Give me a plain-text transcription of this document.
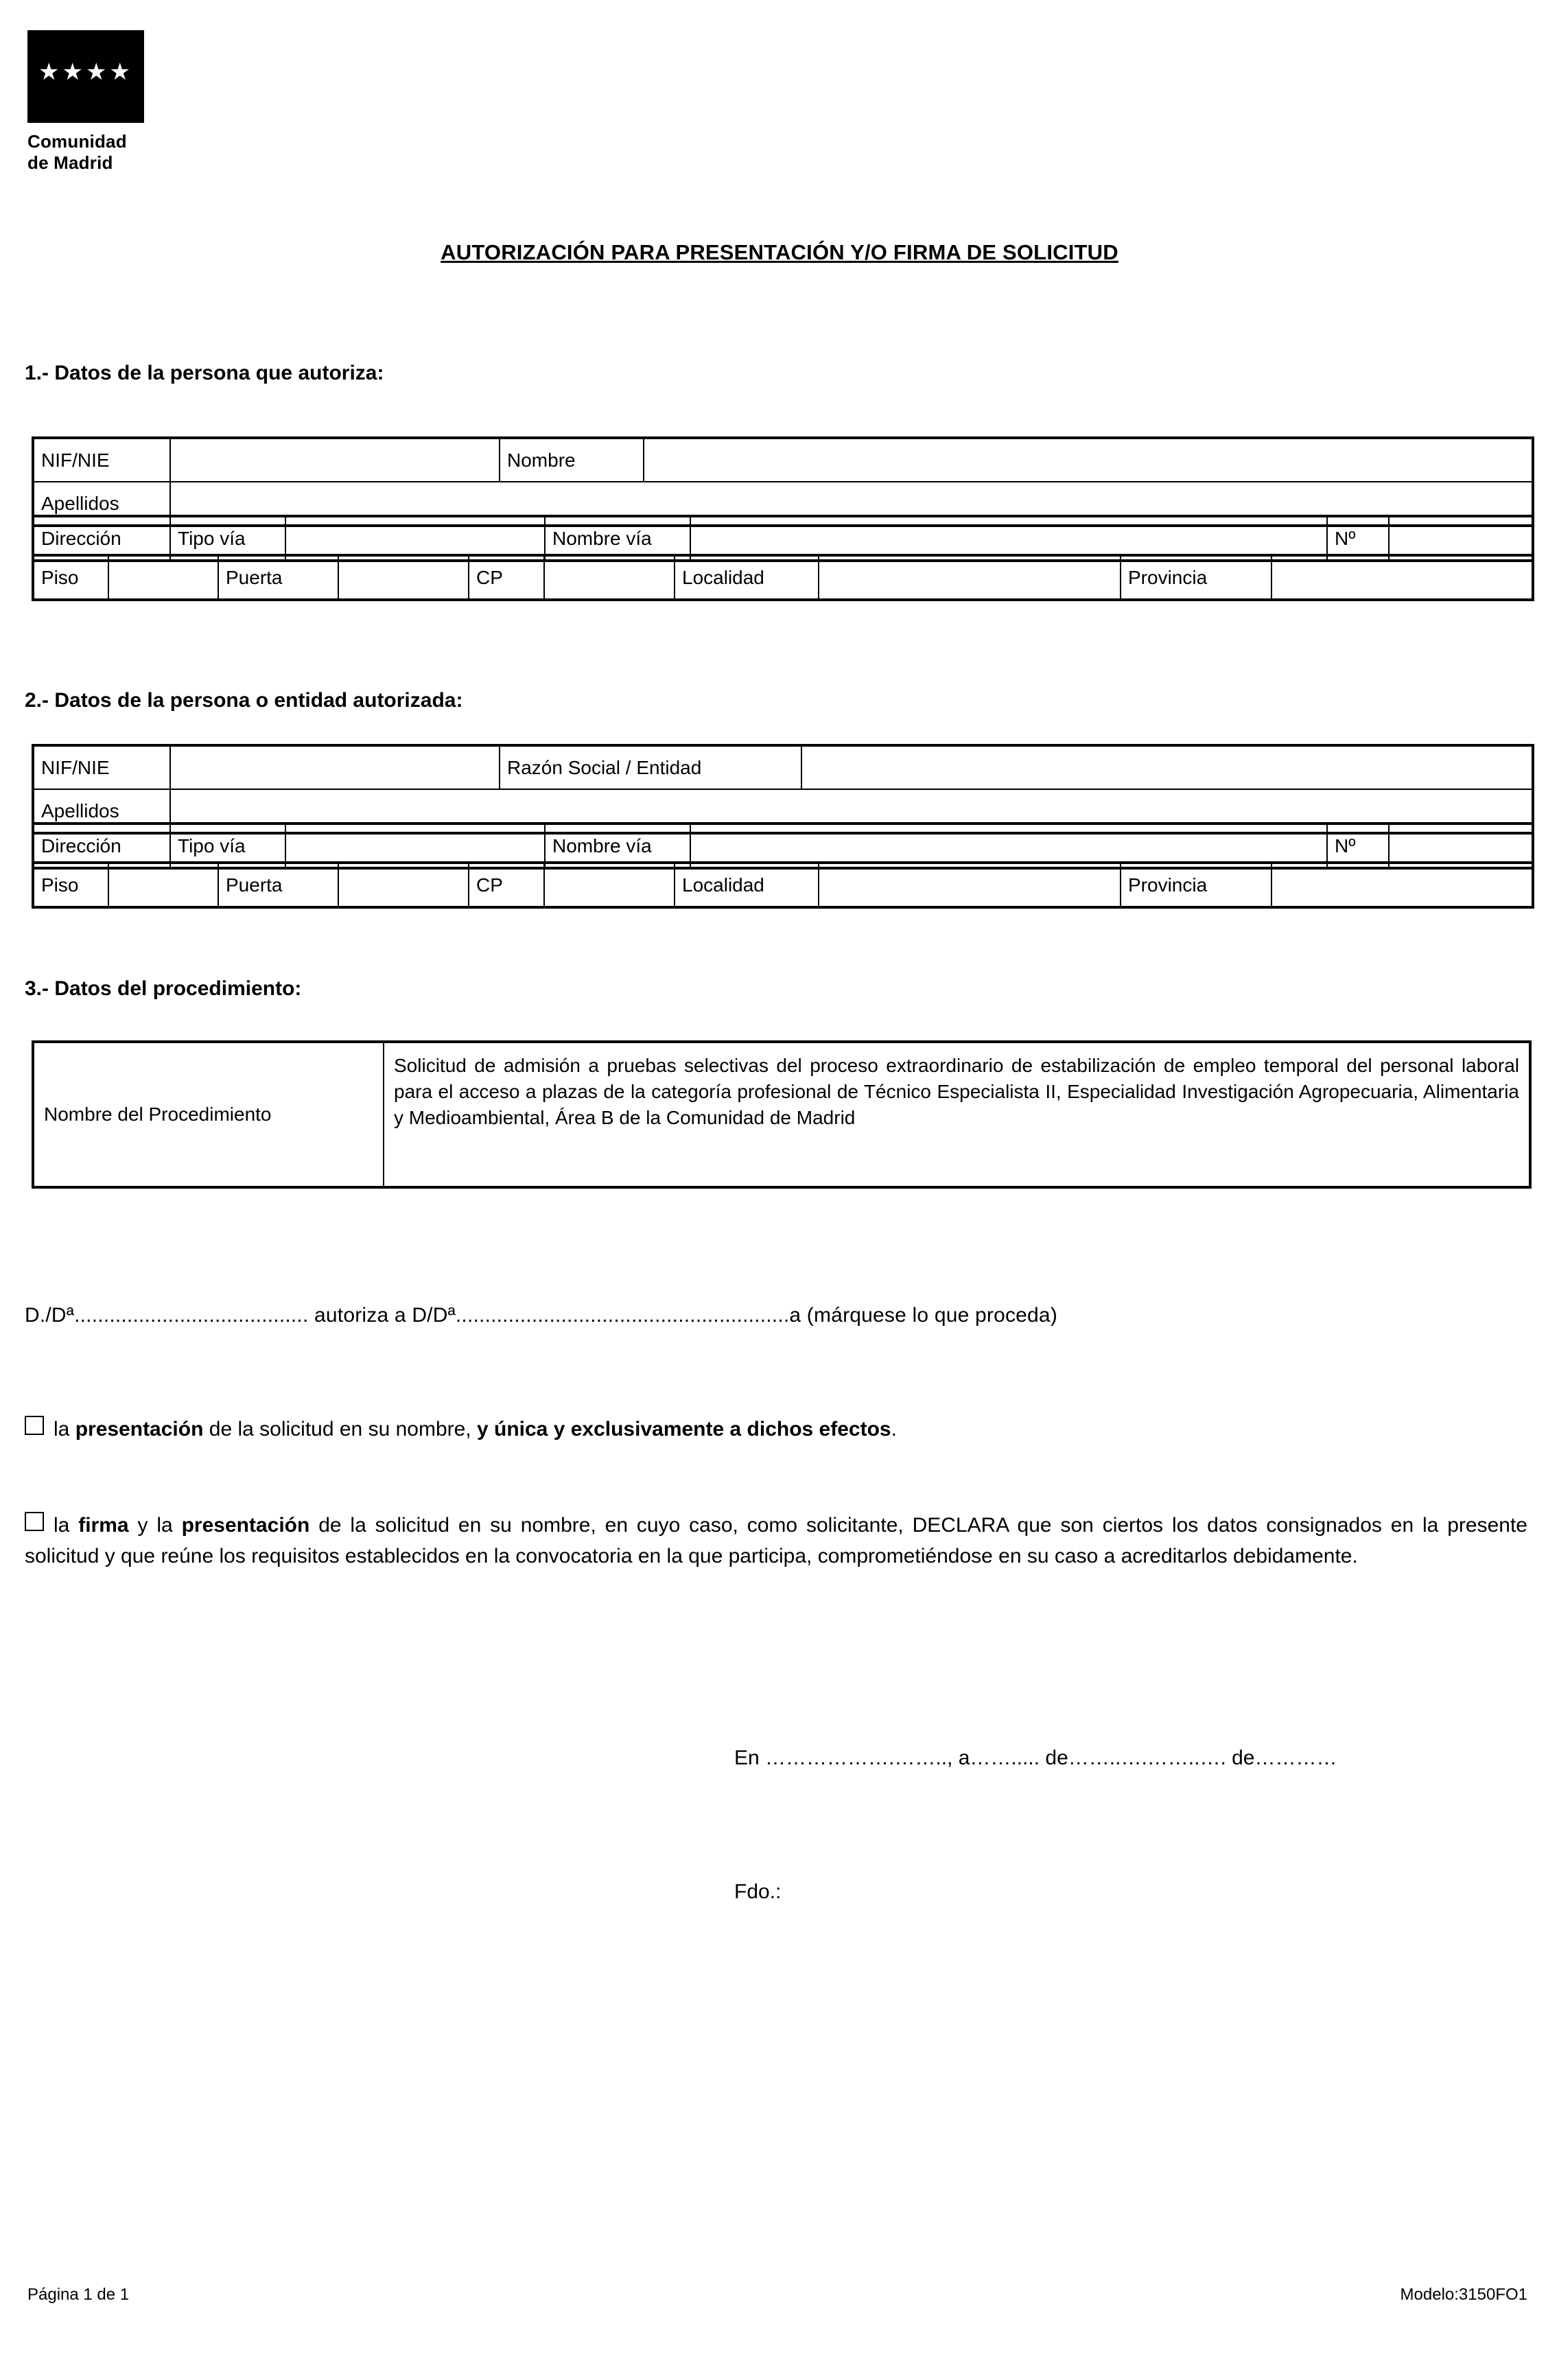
★★★★
Comunidad
de Madrid
AUTORIZACIÓN PARA PRESENTACIÓN Y/O FIRMA DE SOLICITUD
1.- Datos de la persona que autoriza:
NIF/NIE		Nombre	
Apellidos			
Dirección	Tipo vía		Nombre vía		Nº	
Piso		Puerta		CP		Localidad		Provincia	
2.- Datos de la persona o entidad autorizada:
NIF/NIE		Razón Social / Entidad	
Apellidos			
Dirección	Tipo vía		Nombre vía		Nº	
Piso		Puerta		CP		Localidad		Provincia	
3.- Datos del procedimiento:
Nombre del Procedimiento	Solicitud de admisión a pruebas selectivas del proceso extraordinario de estabilización de empleo temporal del personal laboral para el acceso a plazas de la categoría profesional de Técnico Especialista II, Especialidad Investigación Agropecuaria, Alimentaria y Medioambiental, Área B de la Comunidad de Madrid
D./Dª........................................ autoriza a D/Dª.........................................................a (márquese lo que proceda)
la presentación de la solicitud en su nombre, y única y exclusivamente a dichos efectos.
la firma y la presentación de la solicitud en su nombre, en cuyo caso, como solicitante, DECLARA que son ciertos los datos consignados en la presente solicitud y que reúne los requisitos establecidos en la convocatoria en la que participa, comprometiéndose en su caso a acreditarlos debidamente.
En ……………….…….., a……..... de……..….……..…. de…………
Fdo.:
Página 1 de 1	Modelo:3150FO1
